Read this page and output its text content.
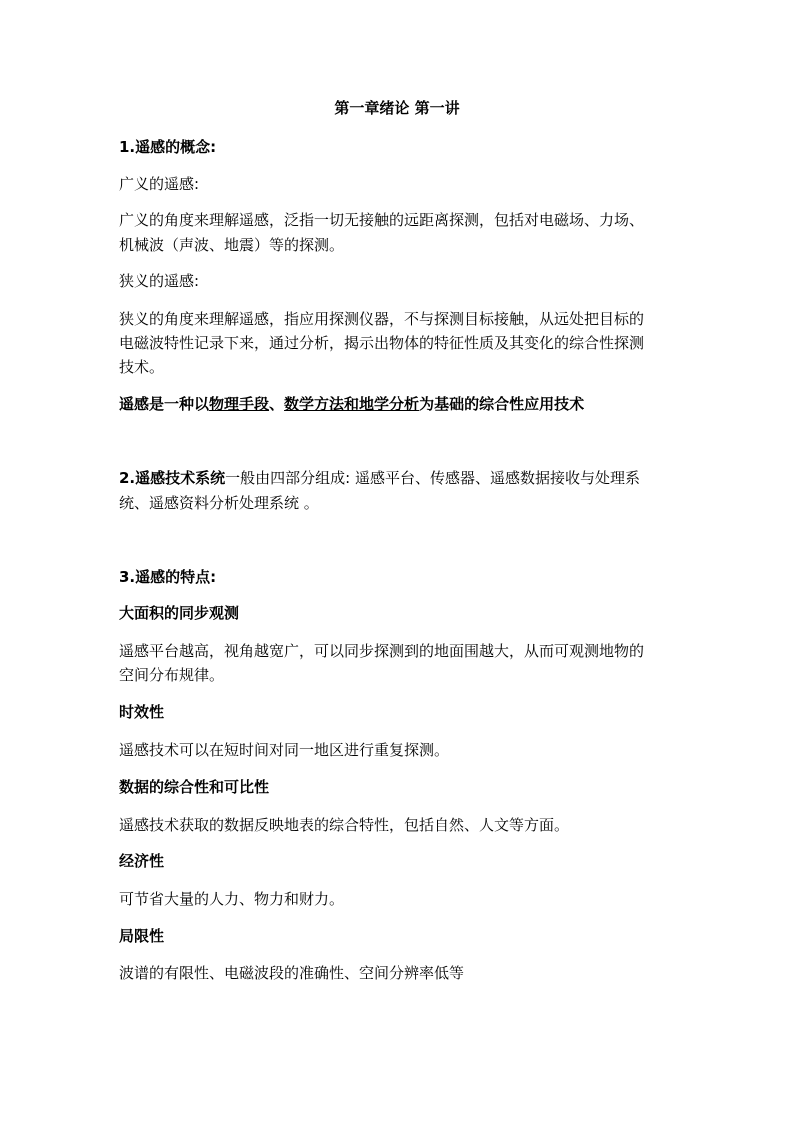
第一章绪论 第一讲
1.遥感的概念:
广义的遥感:
广义的角度来理解遥感，泛指一切无接触的远距离探测，包括对电磁场、力场、
机械波（声波、地震）等的探测。
狭义的遥感:
狭义的角度来理解遥感，指应用探测仪器，不与探测目标接触，从远处把目标的
电磁波特性记录下来，通过分析，揭示出物体的特征性质及其变化的综合性探测
技术。
遥感是一种以物理手段、数学方法和地学分析为基础的综合性应用技术
2.遥感技术系统一般由四部分组成: 遥感平台、传感器、遥感数据接收与处理系
统、遥感资料分析处理系统 。
3.遥感的特点:
大面积的同步观测
遥感平台越高，视角越宽广，可以同步探测到的地面围越大，从而可观测地物的
空间分布规律。
时效性
遥感技术可以在短时间对同一地区进行重复探测。
数据的综合性和可比性
遥感技术获取的数据反映地表的综合特性，包括自然、人文等方面。
经济性
可节省大量的人力、物力和财力。
局限性
波谱的有限性、电磁波段的准确性、空间分辨率低等
